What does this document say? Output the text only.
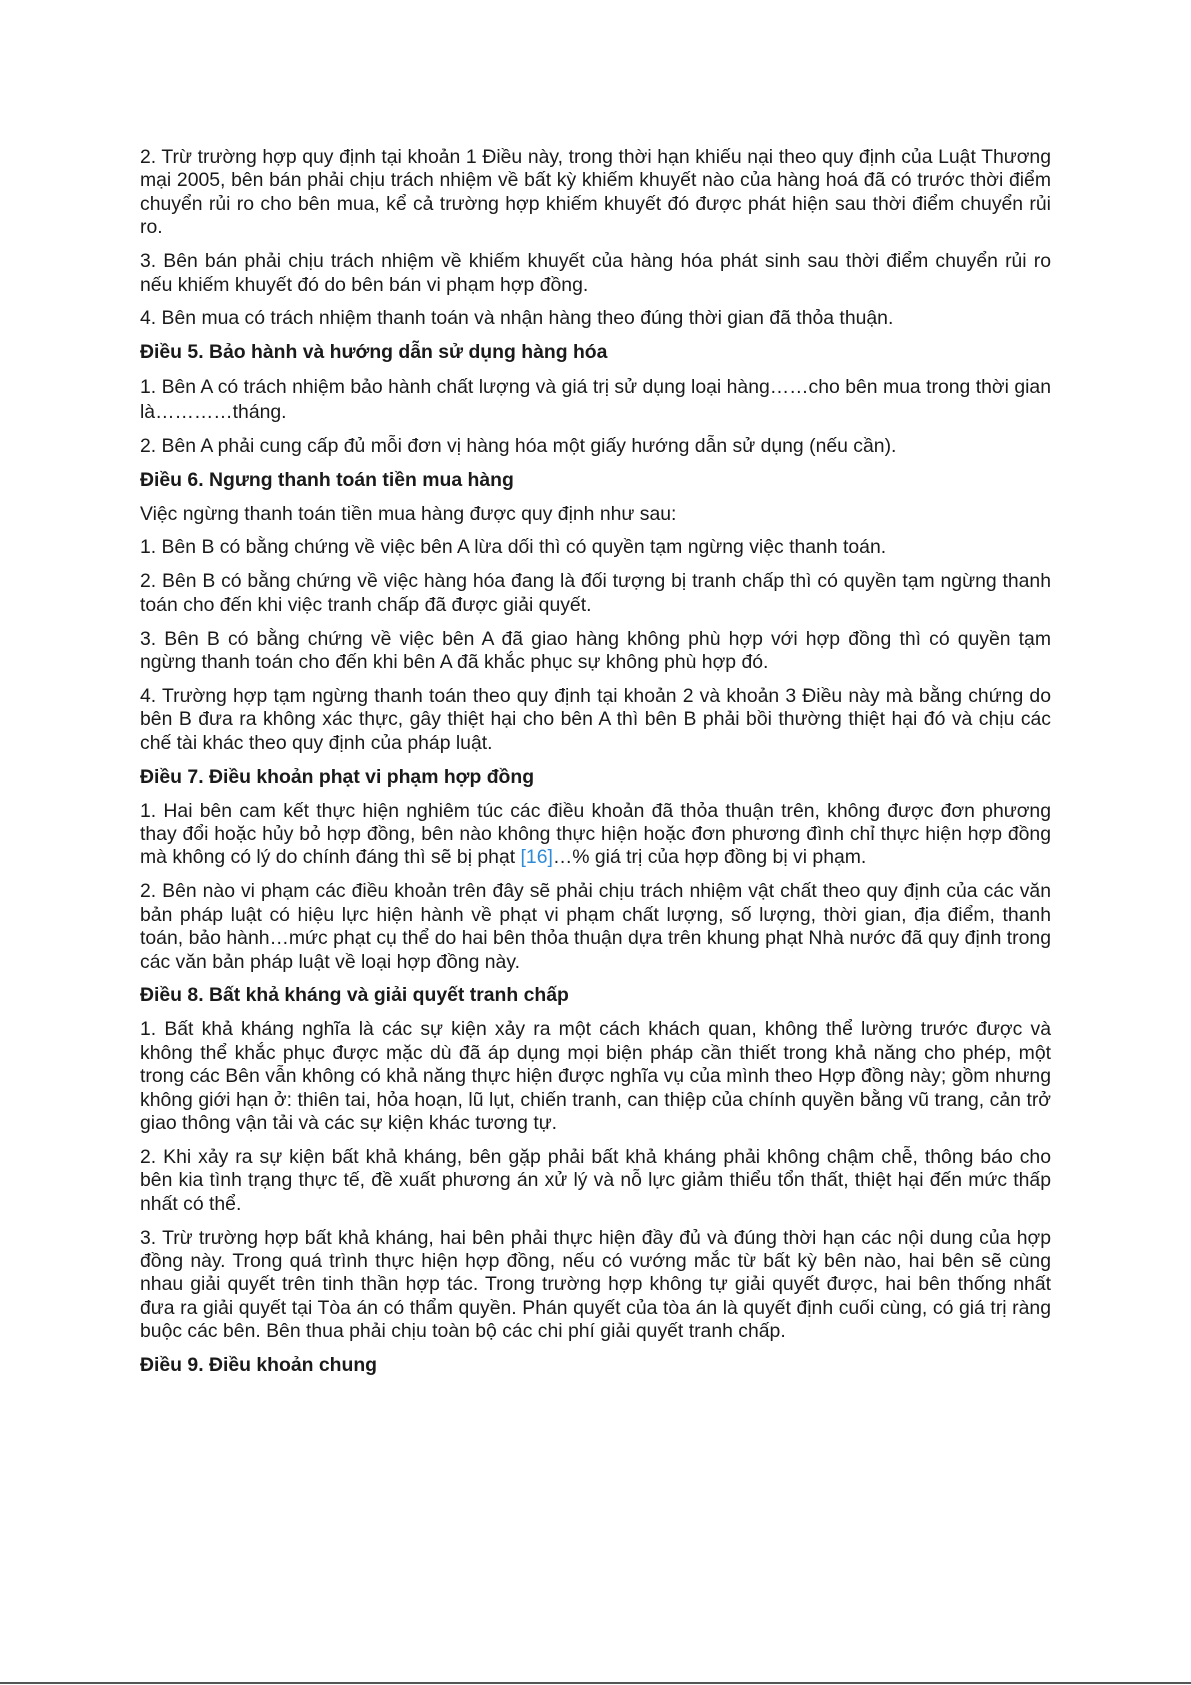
2. Trừ trường hợp quy định tại khoản 1 Điều này, trong thời hạn khiếu nại theo quy định của Luật Thương mại 2005, bên bán phải chịu trách nhiệm về bất kỳ khiếm khuyết nào của hàng hoá đã có trước thời điểm chuyển rủi ro cho bên mua, kể cả trường hợp khiếm khuyết đó được phát hiện sau thời điểm chuyển rủi ro.

3. Bên bán phải chịu trách nhiệm về khiếm khuyết của hàng hóa phát sinh sau thời điểm chuyển rủi ro nếu khiếm khuyết đó do bên bán vi phạm hợp đồng.

4. Bên mua có trách nhiệm thanh toán và nhận hàng theo đúng thời gian đã thỏa thuận.

Điều 5. Bảo hành và hướng dẫn sử dụng hàng hóa

1. Bên A có trách nhiệm bảo hành chất lượng và giá trị sử dụng loại hàng……cho bên mua trong thời gian là…………tháng.

2. Bên A phải cung cấp đủ mỗi đơn vị hàng hóa một giấy hướng dẫn sử dụng (nếu cần).

Điều 6. Ngưng thanh toán tiền mua hàng

Việc ngừng thanh toán tiền mua hàng được quy định như sau:

1. Bên B có bằng chứng về việc bên A lừa dối thì có quyền tạm ngừng việc thanh toán.

2. Bên B có bằng chứng về việc hàng hóa đang là đối tượng bị tranh chấp thì có quyền tạm ngừng thanh toán cho đến khi việc tranh chấp đã được giải quyết.

3. Bên B có bằng chứng về việc bên A đã giao hàng không phù hợp với hợp đồng thì có quyền tạm ngừng thanh toán cho đến khi bên A đã khắc phục sự không phù hợp đó.

4. Trường hợp tạm ngừng thanh toán theo quy định tại khoản 2 và khoản 3 Điều này mà bằng chứng do bên B đưa ra không xác thực, gây thiệt hại cho bên A thì bên B phải bồi thường thiệt hại đó và chịu các chế tài khác theo quy định của pháp luật.

Điều 7. Điều khoản phạt vi phạm hợp đồng

1. Hai bên cam kết thực hiện nghiêm túc các điều khoản đã thỏa thuận trên, không được đơn phương thay đổi hoặc hủy bỏ hợp đồng, bên nào không thực hiện hoặc đơn phương đình chỉ thực hiện hợp đồng mà không có lý do chính đáng thì sẽ bị phạt [16]…% giá trị của hợp đồng bị vi phạm.

2. Bên nào vi phạm các điều khoản trên đây sẽ phải chịu trách nhiệm vật chất theo quy định của các văn bản pháp luật có hiệu lực hiện hành về phạt vi phạm chất lượng, số lượng, thời gian, địa điểm, thanh toán, bảo hành…mức phạt cụ thể do hai bên thỏa thuận dựa trên khung phạt Nhà nước đã quy định trong các văn bản pháp luật về loại hợp đồng này.

Điều 8. Bất khả kháng và giải quyết tranh chấp

1. Bất khả kháng nghĩa là các sự kiện xảy ra một cách khách quan, không thể lường trước được và không thể khắc phục được mặc dù đã áp dụng mọi biện pháp cần thiết trong khả năng cho phép, một trong các Bên vẫn không có khả năng thực hiện được nghĩa vụ của mình theo Hợp đồng này; gồm nhưng không giới hạn ở: thiên tai, hỏa hoạn, lũ lụt, chiến tranh, can thiệp của chính quyền bằng vũ trang, cản trở giao thông vận tải và các sự kiện khác tương tự.

2. Khi xảy ra sự kiện bất khả kháng, bên gặp phải bất khả kháng phải không chậm chễ, thông báo cho bên kia tình trạng thực tế, đề xuất phương án xử lý và nỗ lực giảm thiểu tổn thất, thiệt hại đến mức thấp nhất có thể.

3. Trừ trường hợp bất khả kháng, hai bên phải thực hiện đầy đủ và đúng thời hạn các nội dung của hợp đồng này. Trong quá trình thực hiện hợp đồng, nếu có vướng mắc từ bất kỳ bên nào, hai bên sẽ cùng nhau giải quyết trên tinh thần hợp tác. Trong trường hợp không tự giải quyết được, hai bên thống nhất đưa ra giải quyết tại Tòa án có thẩm quyền. Phán quyết của tòa án là quyết định cuối cùng, có giá trị ràng buộc các bên. Bên thua phải chịu toàn bộ các chi phí giải quyết tranh chấp.

Điều 9. Điều khoản chung
